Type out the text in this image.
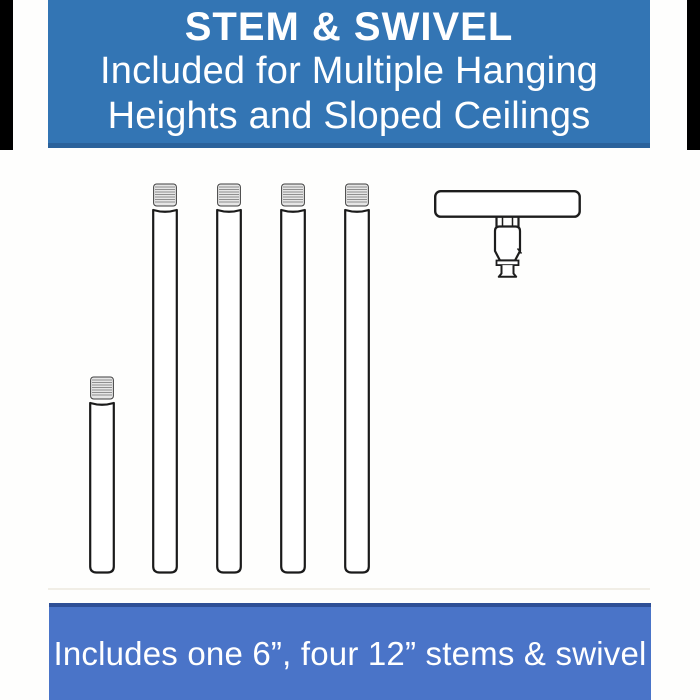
STEM & SWIVEL

Included for Multiple Hanging

Heights and Sloped Ceilings

Includes one 6”, four 12” stems & swivel
